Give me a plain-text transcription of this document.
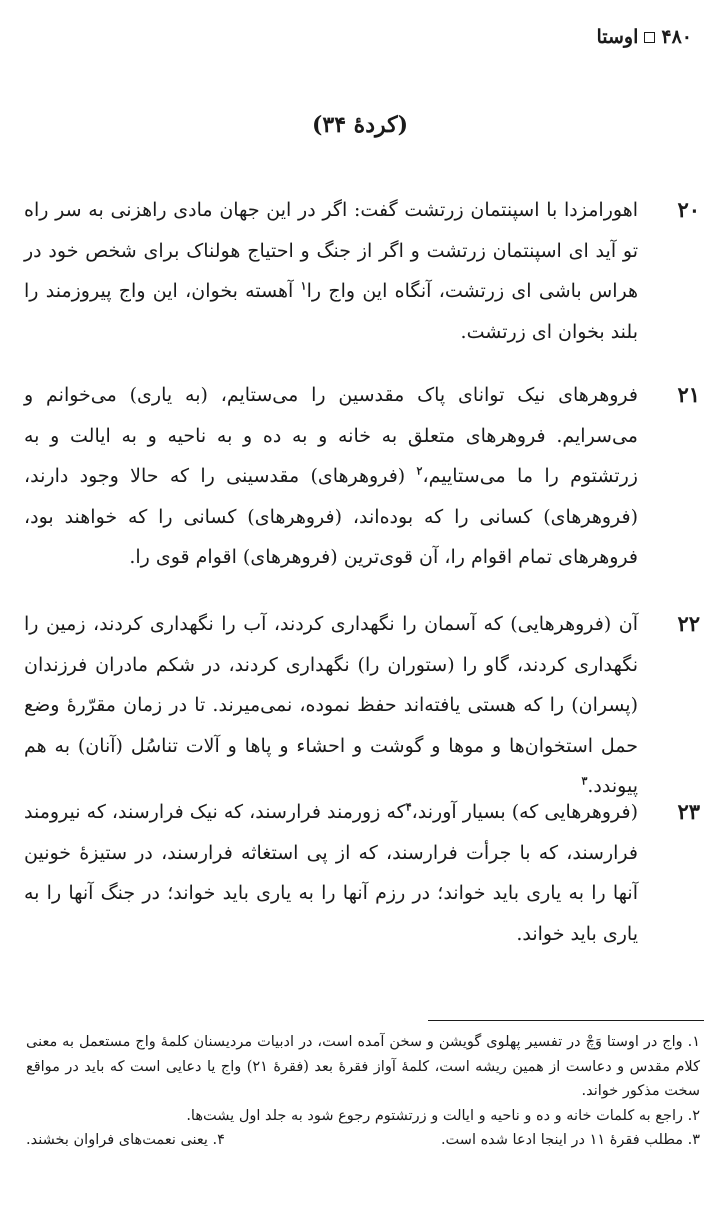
۴۸۰
اوستا
(کردهٔ ۳۴)
۲۰
اهورامزدا با اسپنتمان زرتشت گفت: اگر در این جهان مادی راهزنی به سر راه تو آید ای اسپنتمان زرتشت و اگر از جنگ و احتیاج هولناک برای شخص خود در هراس باشی ای زرتشت، آنگاه این واج را$^۱$ آهسته بخوان، این واج پیروزمند را بلند بخوان ای زرتشت.
۲۱
فروهرهای نیک توانای پاک مقدسین را می‌ستایم، (به یاری) می‌خوانم و می‌سرایم. فروهرهای متعلق به خانه و به ده و به ناحیه و به ایالت و به زرتشتوم را ما می‌ستاییم،$^۲$ (فروهرهای) مقدسینی را که حالا وجود دارند، (فروهرهای) کسانی را که بوده‌اند، (فروهرهای) کسانی را که خواهند بود، فروهرهای تمام اقوام را، آن قوی‌ترین (فروهرهای) اقوام قوی را.
۲۲
آن (فروهرهایی) که آسمان را نگهداری کردند، آب را نگهداری کردند، زمین را نگهداری کردند، گاو را (ستوران را) نگهداری کردند، در شکم مادران فرزندان (پسران) را که هستی یافته‌اند حفظ نموده، نمی‌میرند. تا در زمان مقرّرهٔ وضع حمل استخوان‌ها و موها و گوشت و احشاء و پاها و آلات تناسُل (آنان) به هم پیوندد.$^۳$
۲۳
(فروهرهایی که) بسیار آورند،$^۴$که زورمند فرارسند، که نیک فرارسند، که نیرومند فرارسند، که با جرأت فرارسند، که از پی استغاثه فرارسند، در ستیزهٔ خونین آنها را به یاری باید خواند؛ در رزم آنها را به یاری باید خواند؛ در جنگ آنها را به یاری باید خواند.

۱. واج در اوستا وَچْ در تفسیر پهلوی گویشن و سخن آمده است، در ادبیات مردیسنان کلمهٔ واج مستعمل به معنی کلام مقدس و دعاست از همین ریشه است، کلمهٔ آواز فقرهٔ بعد (فقرهٔ ۲۱) واج یا دعایی است که باید در مواقع سخت مذکور خواند.

۲. راجع به کلمات خانه و ده و ناحیه و ایالت و زرتشتوم رجوع شود به جلد اول یشت‌ها.

۳. مطلب فقرهٔ ۱۱ در اینجا ادعا شده است.
۴. یعنی نعمت‌های فراوان بخشند.
